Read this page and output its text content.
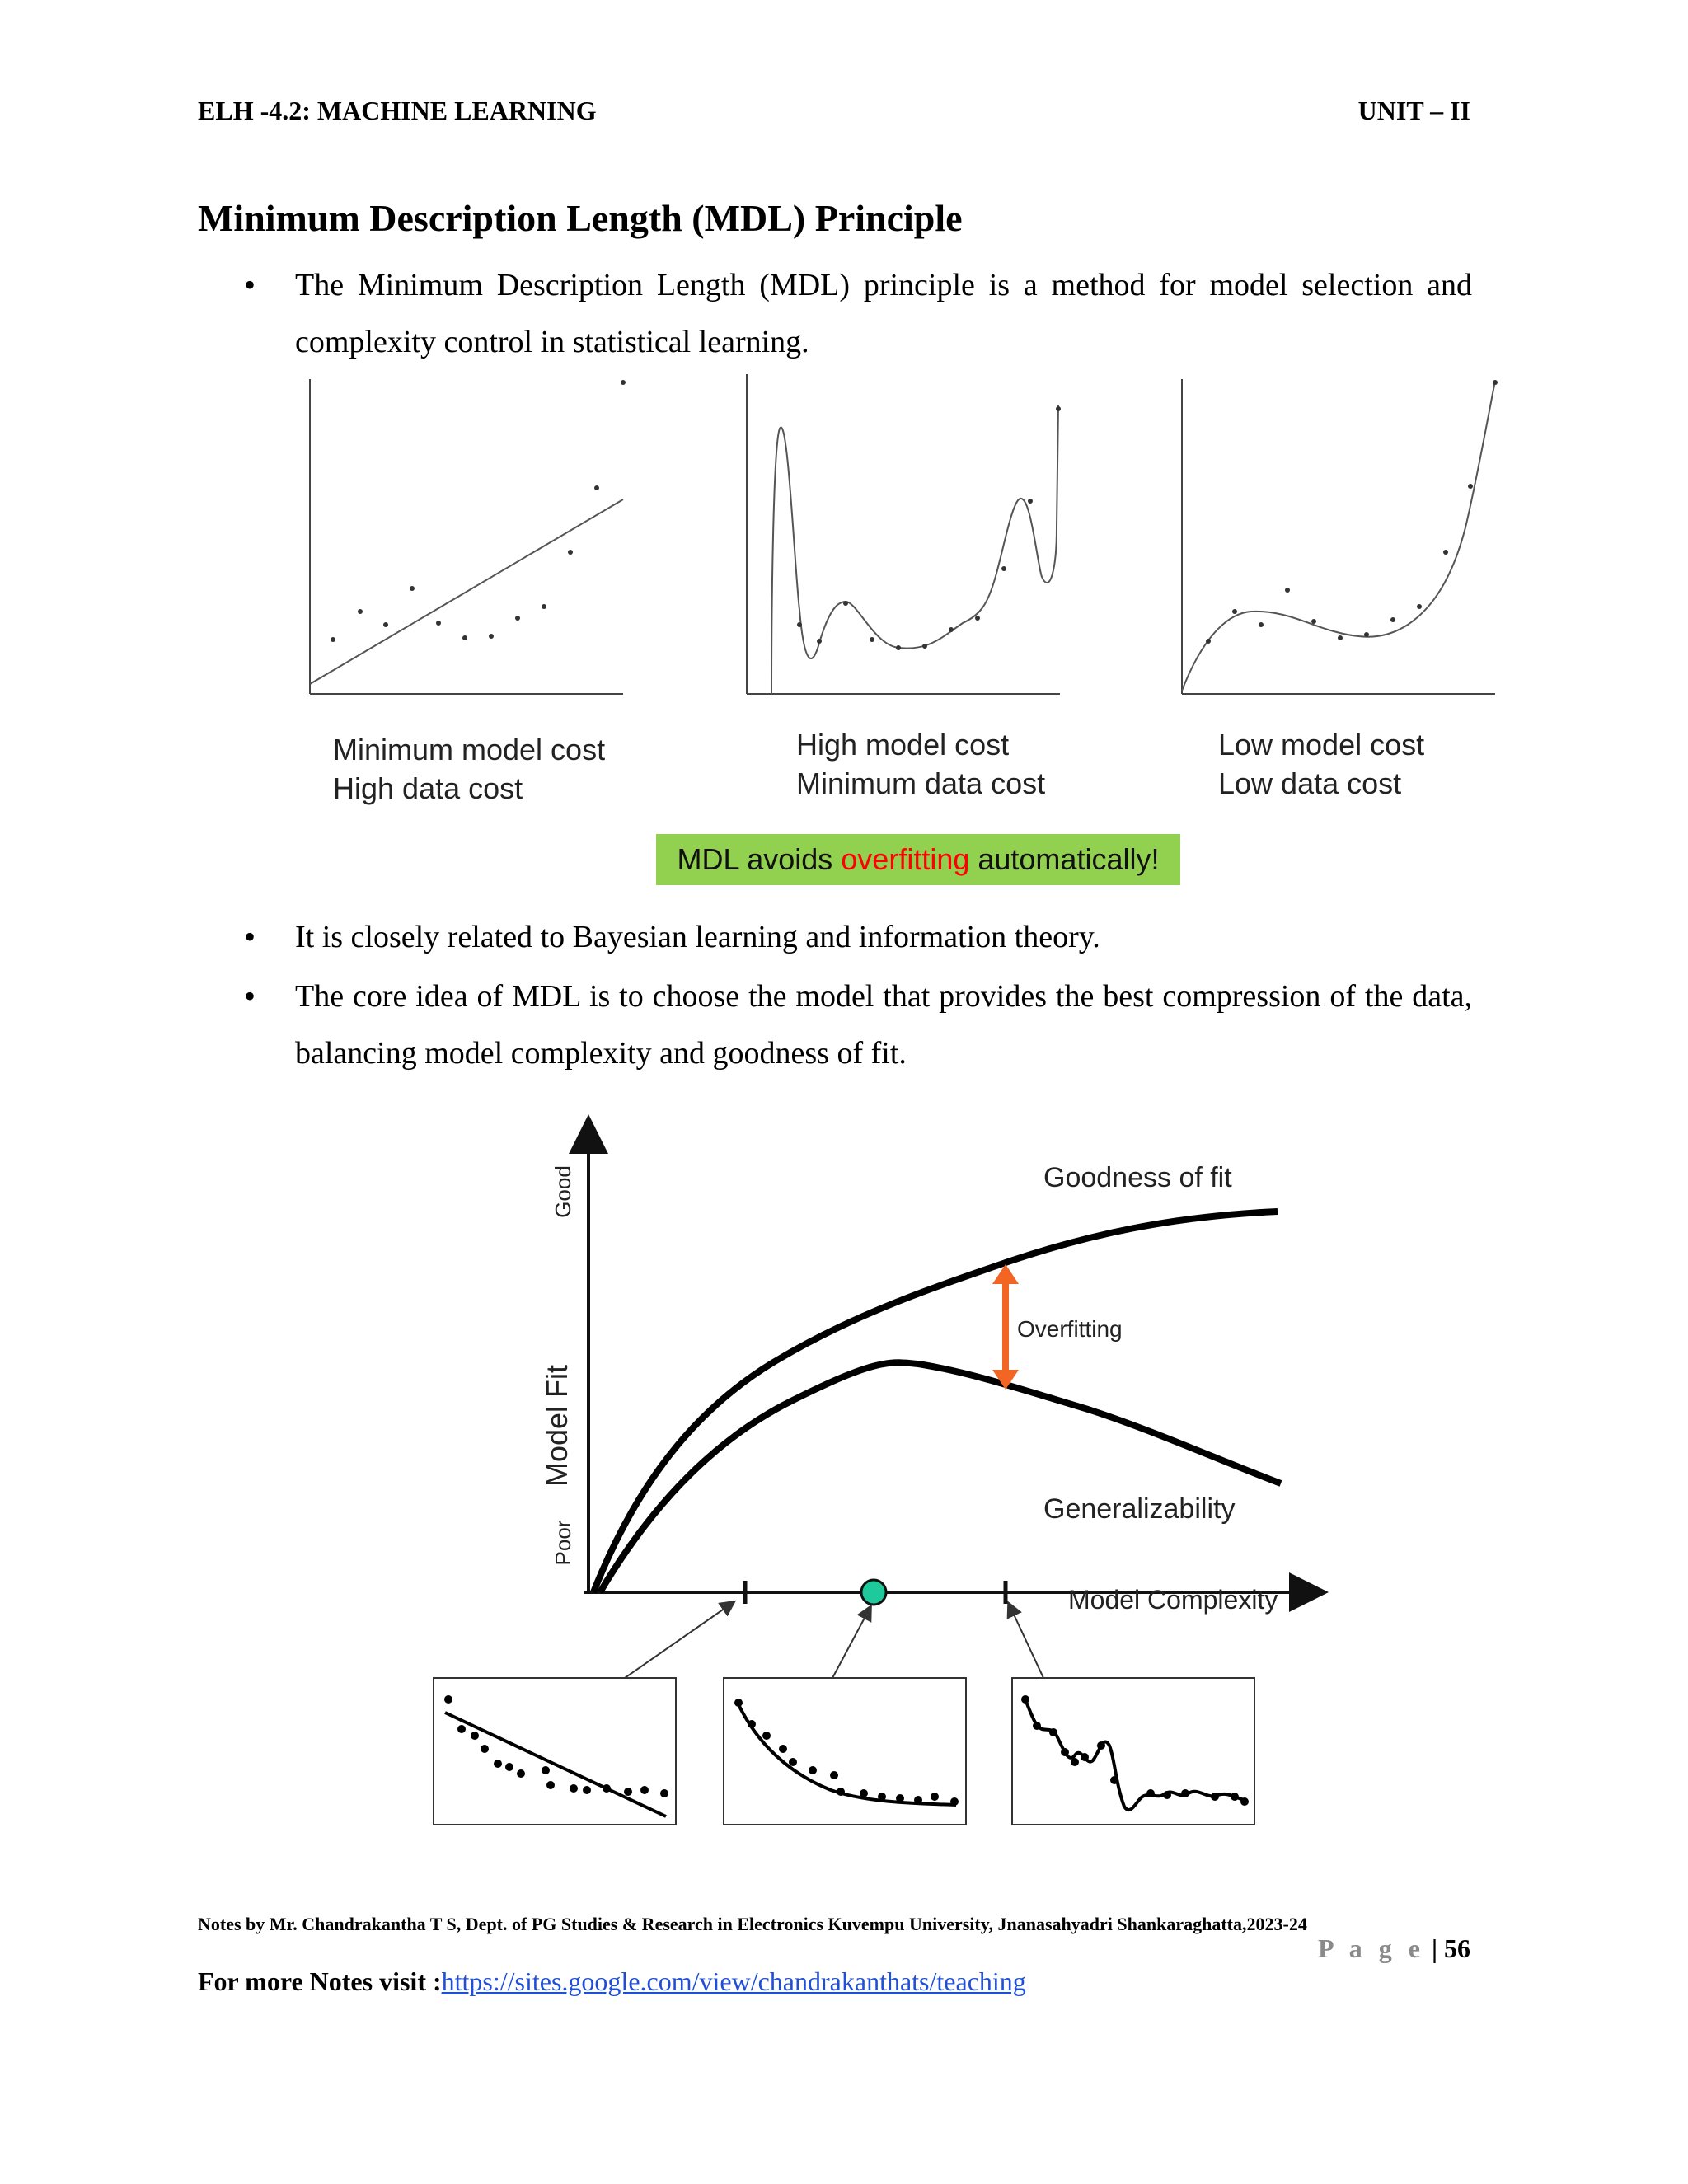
ELH -4.2: MACHINE LEARNING	UNIT – II
Minimum Description Length (MDL) Principle
• The Minimum Description Length (MDL) principle is a method for model selection and complexity control in statistical learning.
Minimum model cost
High data cost
High model cost
Minimum data cost
Low model cost
Low data cost
MDL avoids overfitting automatically!
• It is closely related to Bayesian learning and information theory.
• The core idea of MDL is to choose the model that provides the best compression of the data, balancing model complexity and goodness of fit.
Goodness of fit
Overfitting
Generalizability
Model Complexity
Model Fit
Good
Poor
Notes by Mr. Chandrakantha T S, Dept. of PG Studies & Research in Electronics Kuvempu University, Jnanasahyadri Shankaraghatta,2023-24
P a g e | 56
For more Notes visit :https://sites.google.com/view/chandrakanthats/teaching
